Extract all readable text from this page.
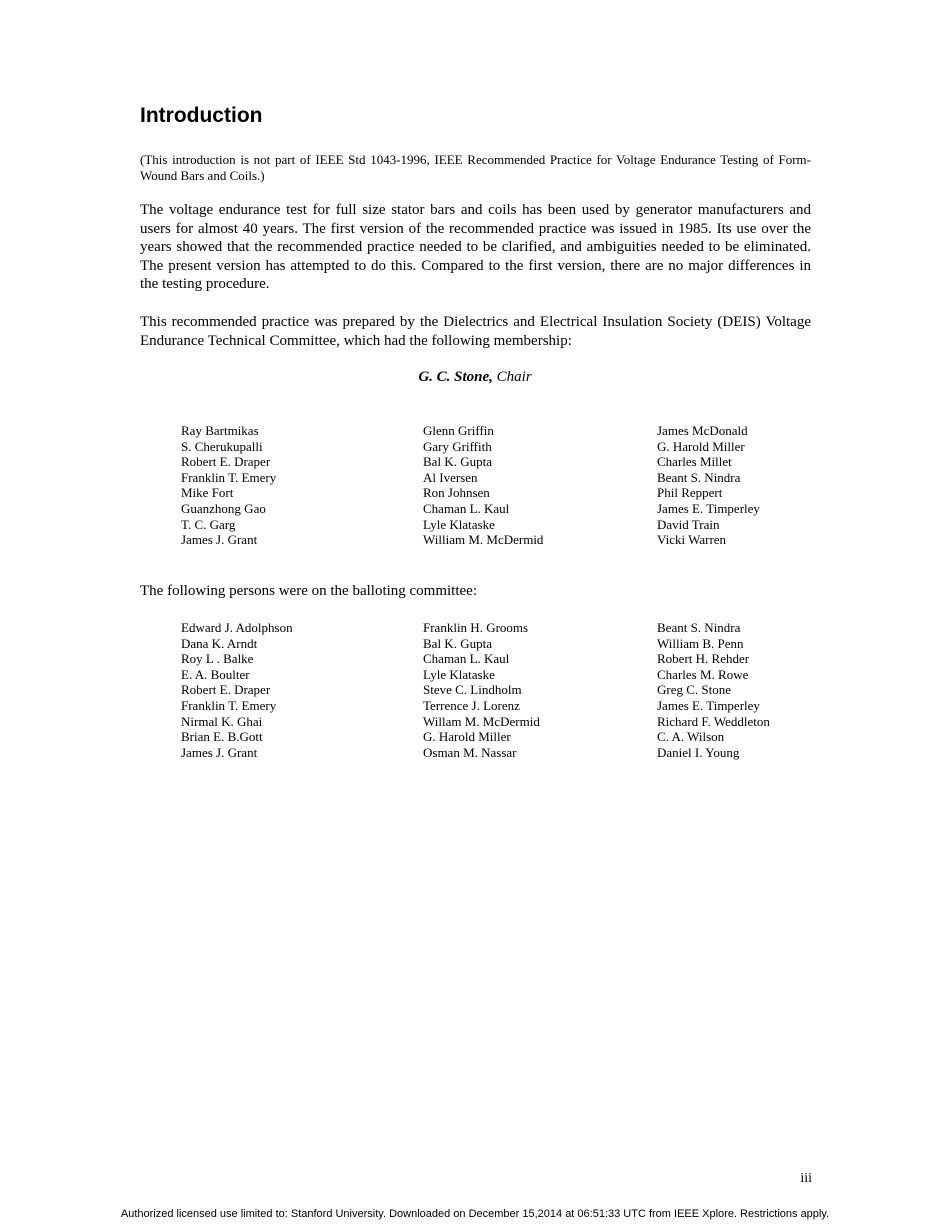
Introduction

(This introduction is not part of IEEE Std 1043-1996, IEEE Recommended Practice for Voltage Endurance Testing of Form-Wound Bars and Coils.)

The voltage endurance test for full size stator bars and coils has been used by generator manufacturers and users for almost 40 years. The first version of the recommended practice was issued in 1985. Its use over the years showed that the recommended practice needed to be clarified, and ambiguities needed to be eliminated. The present version has attempted to do this. Compared to the first version, there are no major differences in the testing procedure.

This recommended practice was prepared by the Dielectrics and Electrical Insulation Society (DEIS) Voltage Endurance Technical Committee, which had the following membership:

G. C. Stone, Chair

Ray Bartmikas
S. Cherukupalli
Robert E. Draper
Franklin T. Emery
Mike Fort
Guanzhong Gao
T. C. Garg
James J. Grant
Glenn Griffin
Gary Griffith
Bal K. Gupta
Al Iversen
Ron Johnsen
Chaman L. Kaul
Lyle Klataske
William M. McDermid
James McDonald
G. Harold Miller
Charles Millet
Beant S. Nindra
Phil Reppert
James E. Timperley
David Train
Vicki Warren

The following persons were on the balloting committee:

Edward J. Adolphson
Dana K. Arndt
Roy L . Balke
E. A. Boulter
Robert E. Draper
Franklin T. Emery
Nirmal K. Ghai
Brian E. B.Gott
James J. Grant
Franklin H. Grooms
Bal K. Gupta
Chaman L. Kaul
Lyle Klataske
Steve C. Lindholm
Terrence J. Lorenz
Willam M. McDermid
G. Harold Miller
Osman M. Nassar
Beant S. Nindra
William B. Penn
Robert H. Rehder
Charles M. Rowe
Greg C. Stone
James E. Timperley
Richard F. Weddleton
C. A. Wilson
Daniel I. Young
iii
Authorized licensed use limited to: Stanford University. Downloaded on December 15,2014 at 06:51:33 UTC from IEEE Xplore. Restrictions apply.
